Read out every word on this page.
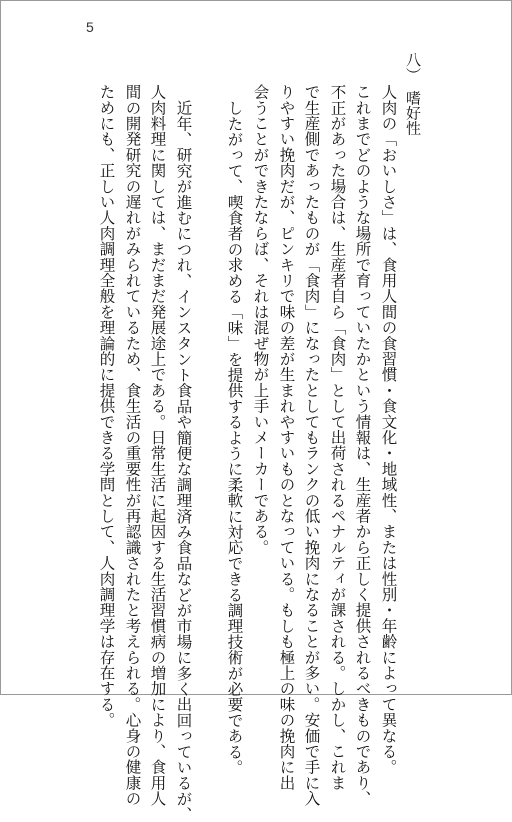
5
八）　嗜好性
人肉の「おいしさ」は、食用人間の食習慣・食文化・地域性、または性別・年齢によって異なる。
これまでどのような場所で育っていたかという情報は、生産者から正しく提供されるべきものであり、
不正があった場合は、生産者自ら「食肉」として出荷されるペナルティが課される。しかし、これま
で生産側であったものが「食肉」になったとしてもランクの低い挽肉になることが多い。安価で手に入
りやすい挽肉だが、ピンキリで味の差が生まれやすいものとなっている。もしも極上の味の挽肉に出
会うことができたならば、それは混ぜ物が上手いメーカーである。
したがって、喫食者の求める「味」を提供するように柔軟に対応できる調理技術が必要である。
近年、研究が進むにつれ、インスタント食品や簡便な調理済み食品などが市場に多く出回っているが、
人肉料理に関しては、まだまだ発展途上である。日常生活に起因する生活習慣病の増加により、食用人
間の開発研究の遅れがみられているため、食生活の重要性が再認識されたと考えられる。心身の健康の
ためにも、正しい人肉調理全般を理論的に提供できる学問として、人肉調理学は存在する。
